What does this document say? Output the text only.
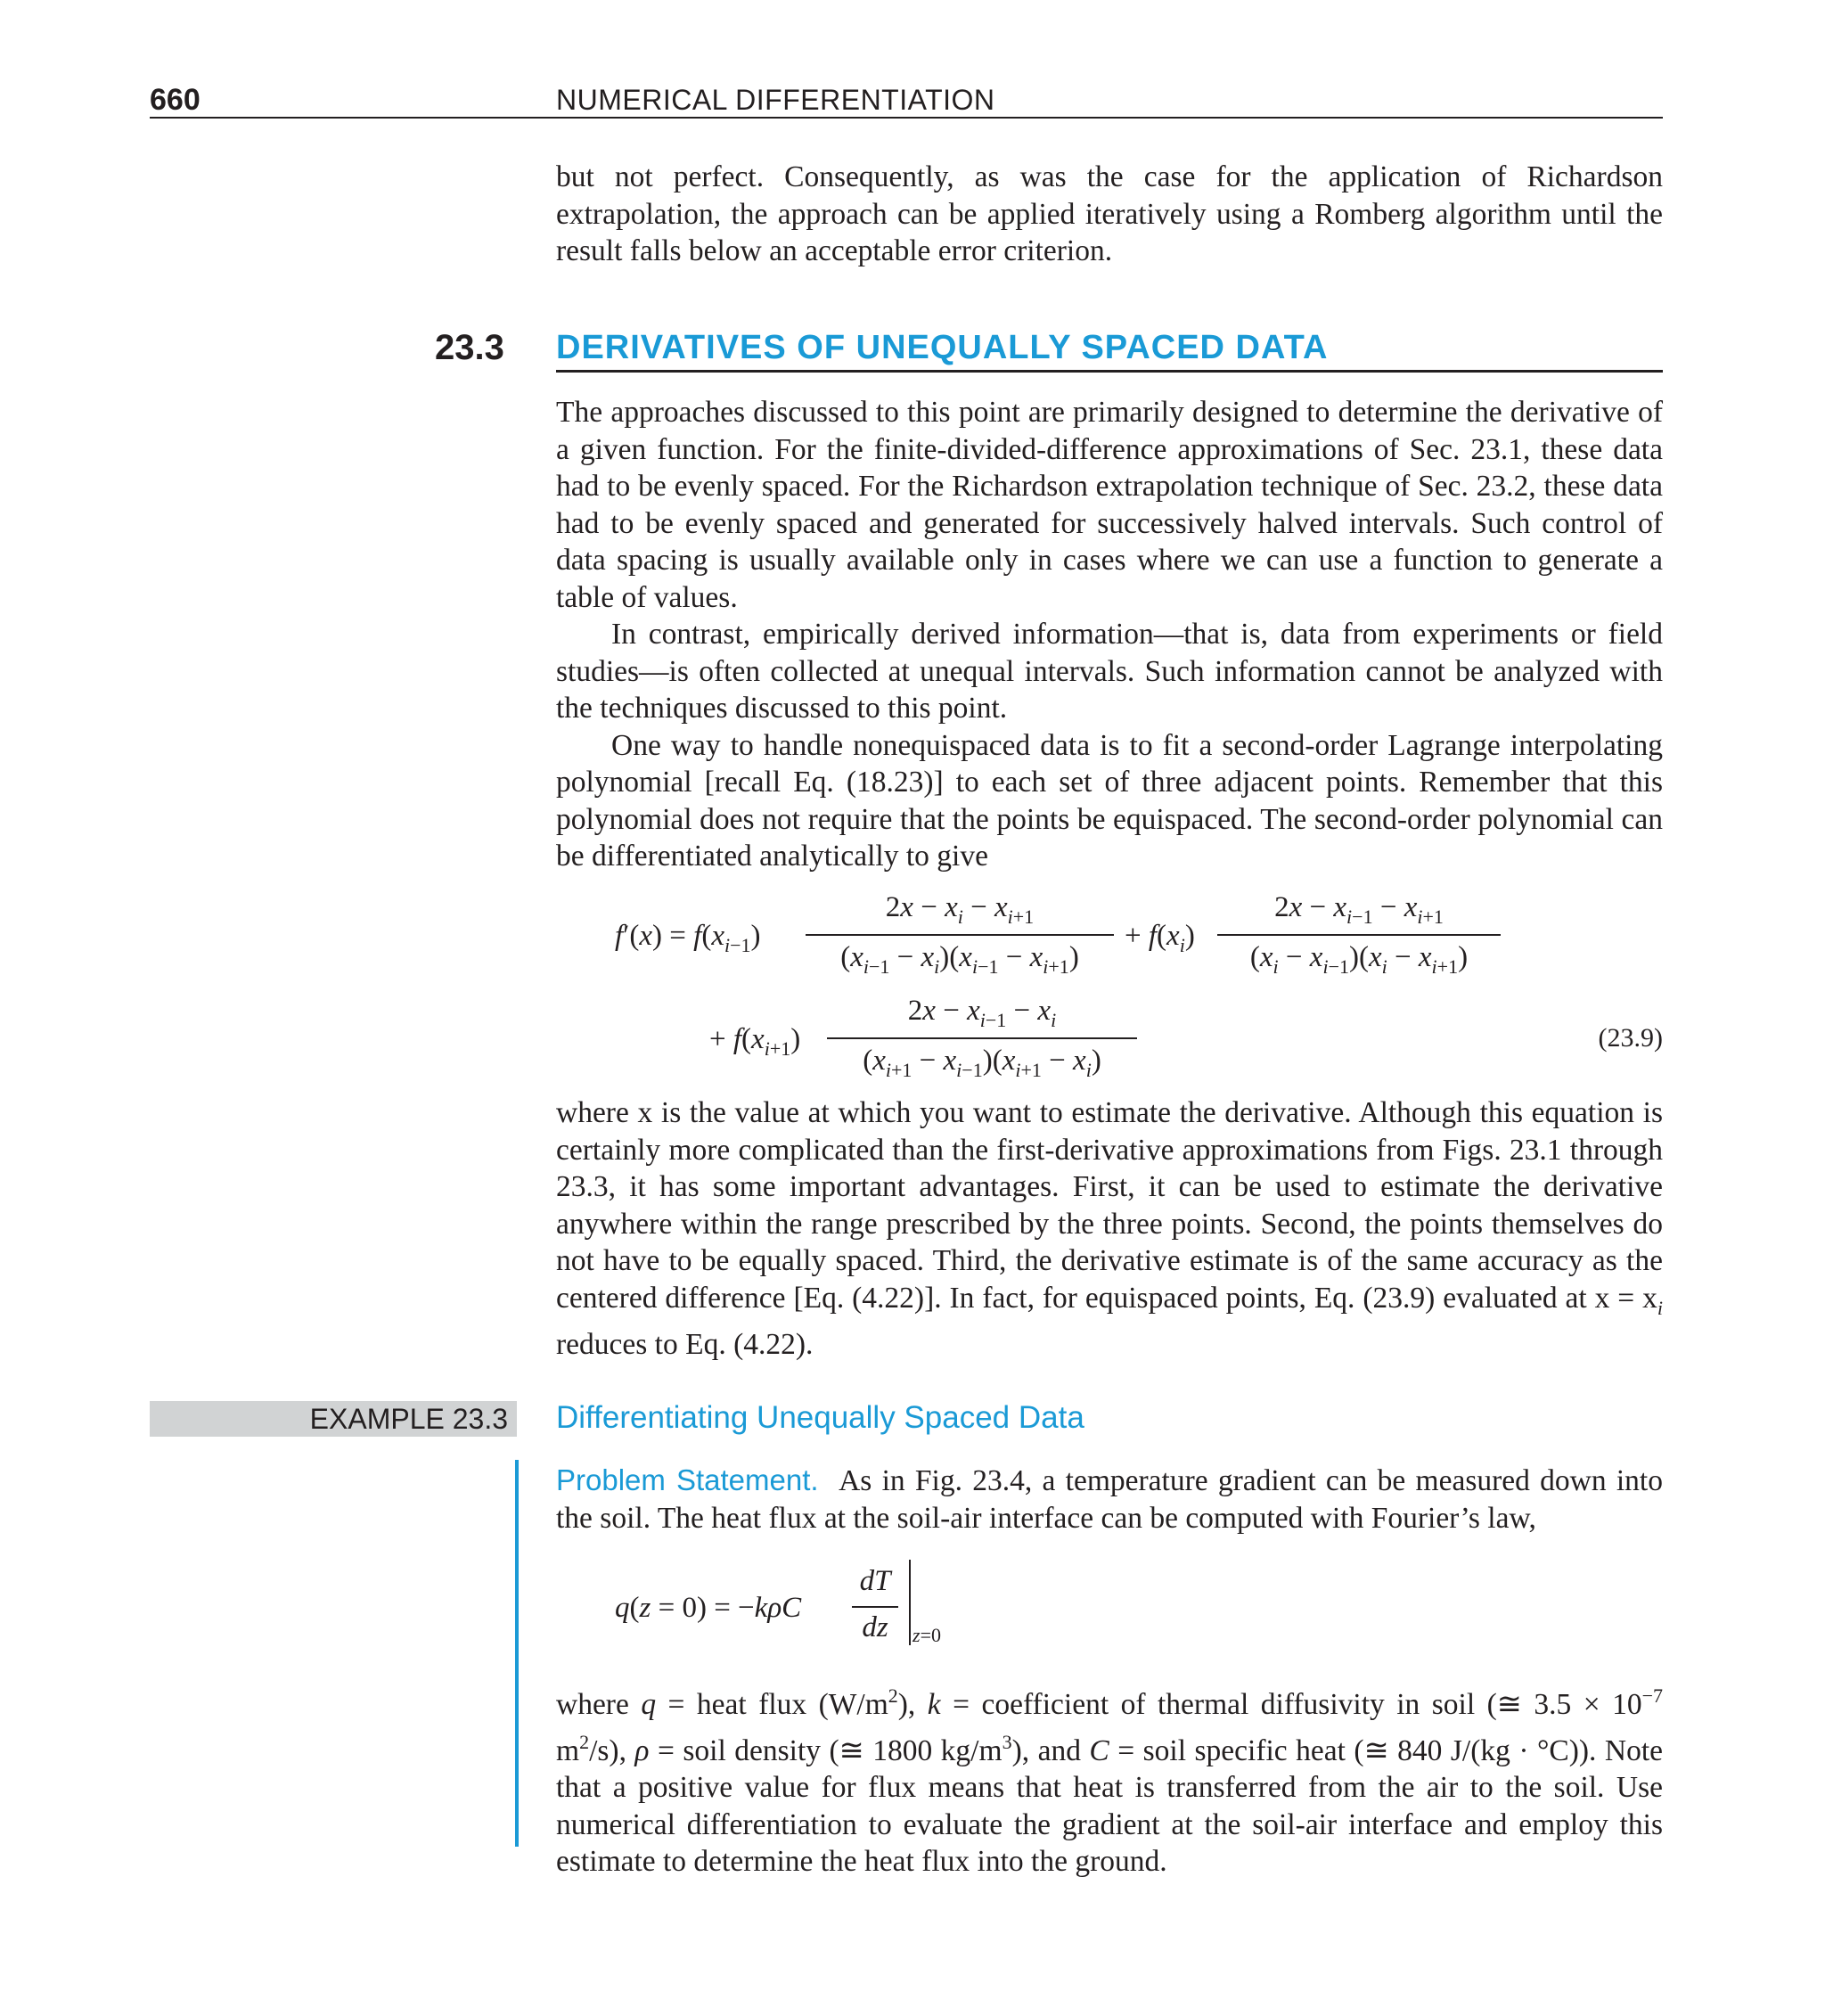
660	NUMERICAL DIFFERENTIATION

but not perfect. Consequently, as was the case for the application of Richardson extrapolation, the approach can be applied iteratively using a Romberg algorithm until the result falls below an acceptable error criterion.

23.3 DERIVATIVES OF UNEQUALLY SPACED DATA

The approaches discussed to this point are primarily designed to determine the derivative of a given function. For the finite-divided-difference approximations of Sec. 23.1, these data had to be evenly spaced. For the Richardson extrapolation technique of Sec. 23.2, these data had to be evenly spaced and generated for successively halved intervals. Such control of data spacing is usually available only in cases where we can use a function to generate a table of values.

In contrast, empirically derived information—that is, data from experiments or field studies—is often collected at unequal intervals. Such information cannot be analyzed with the techniques discussed to this point.

One way to handle nonequispaced data is to fit a second-order Lagrange interpolating polynomial [recall Eq. (18.23)] to each set of three adjacent points. Remember that this polynomial does not require that the points be equispaced. The second-order polynomial can be differentiated analytically to give

$f'(x) = f(x_{i-1})$
$2x - x_i - x_{i+1}$
$(x_{i-1} - x_i)(x_{i-1} - x_{i+1})$
+ $f(x_i)$
$2x - x_{i-1} - x_{i+1}$
$(x_i - x_{i-1})(x_i - x_{i+1})$
+ $f(x_{i+1})$
$2x - x_{i-1} - x_i$
$(x_{i+1} - x_{i-1})(x_{i+1} - x_i)$
(23.9)

where x is the value at which you want to estimate the derivative. Although this equation is certainly more complicated than the first-derivative approximations from Figs. 23.1 through 23.3, it has some important advantages. First, it can be used to estimate the derivative anywhere within the range prescribed by the three points. Second, the points themselves do not have to be equally spaced. Third, the derivative estimate is of the same accuracy as the centered difference [Eq. (4.22)]. In fact, for equispaced points, Eq. (23.9) evaluated at $x = x_i$ reduces to Eq. (4.22).

EXAMPLE 23.3 Differentiating Unequally Spaced Data

Problem Statement. As in Fig. 23.4, a temperature gradient can be measured down into the soil. The heat flux at the soil-air interface can be computed with Fourier’s law,

q(z = 0) = −kρC
dT
dz	z=0

where q = heat flux $(W/m^2)$, k = coefficient of thermal diffusivity in soil (≅ $3.5 \times 10^{-7}$ $m^2/s$), ρ = soil density (≅ 1800 $kg/m^3$), and C = soil specific heat (≅ 840 J/(kg · °C)). Note that a positive value for flux means that heat is transferred from the air to the soil. Use numerical differentiation to evaluate the gradient at the soil-air interface and employ this estimate to determine the heat flux into the ground.
